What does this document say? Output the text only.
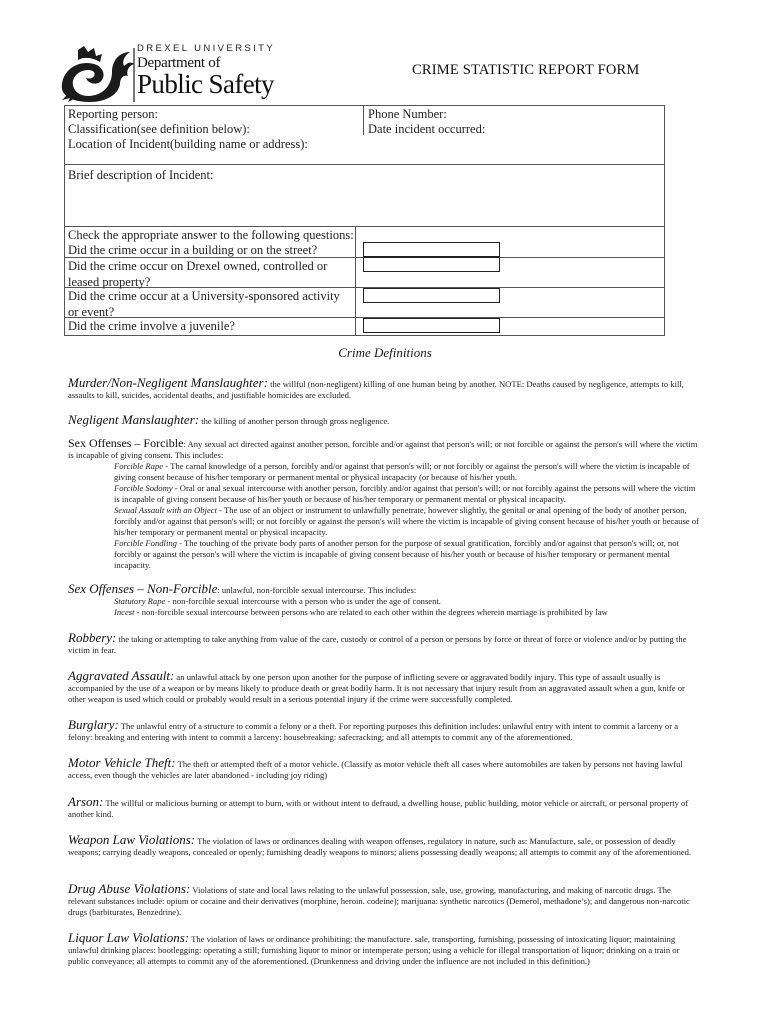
DREXEL UNIVERSITY
Department of
Public Safety	CRIME STATISTIC REPORT FORM
Reporting person:	Phone Number:
Classification(see definition below):	Date incident occurred:
Location of Incident(building name or address):
Brief description of Incident:
Check the appropriate answer to the following questions:
Did the crime occur in a building or on the street?
Did the crime occur on Drexel owned, controlled or leased property?
Did the crime occur at a University-sponsored activity or event?
Did the crime involve a juvenile?
Crime Definitions
Murder/Non-Negligent Manslaughter: the willful (non-negligent) killing of one human being by another. NOTE: Deaths caused by negligence, attempts to kill, assaults to kill, suicides, accidental deaths, and justifiable homicides are excluded.
Negligent Manslaughter: the killing of another person through gross negligence.
Sex Offenses – Forcible: Any sexual act directed against another person, forcible and/or against that person's will; or not forcible or against the person's will where the victim is incapable of giving consent. This includes:
Forcible Rape - The carnal knowledge of a person, forcibly and/or against that person's will; or not forcibly or against the person's will where the victim is incapable of giving consent because of his/her temporary or permanent mental or physical incapacity (or because of his/her youth.
Forcible Sodomy - Oral or anal sexual intercourse with another person, forcibly and/or against that person's will; or not forcibly against the persons will where the victim is incapable of giving consent because of his/her youth or because of his/her temporary or permanent mental or physical incapacity.
Sexual Assault with an Object - The use of an object or instrument to unlawfully penetrate, however slightly, the genital or anal opening of the body of another person, forcibly and/or against that person's will; or not forcibly or against the person's will where the victim is incapable of giving consent because of his/her youth or because of his/her temporary or permanent mental or physical incapacity.
Forcible Fondling - The touching of the private body parts of another person for the purpose of sexual gratification, forcibly and/or against that person's will; or, not forcibly or against the person's will where the victim is incapable of giving consent because of his/her youth or because of his/her temporary or permanent mental incapacity.
Sex Offenses – Non-Forcible: unlawful, non-forcible sexual intercourse. This includes:
Statutory Rape - non-forcible sexual intercourse with a person who is under the age of consent.
Incest - non-forcible sexual intercourse between persons who are related to each other within the degrees wherein marriage is prohibited by law
Robbery: the taking or attempting to take anything from value of the care, custody or control of a person or persons by force or threat of force or violence and/or by putting the victim in fear.
Aggravated Assault: an unlawful attack by one person upon another for the purpose of inflicting severe or aggravated bodily injury. This type of assault usually is accompanied by the use of a weapon or by means likely to produce death or great bodily harm. It is not necessary that injury result from an aggravated assault when a gun, knife or other weapon is used which could or probably would result in a serious potential injury if the crime were successfully completed.
Burglary: The unlawful entry of a structure to commit a felony or a theft. For reporting purposes this definition includes: unlawful entry with intent to commit a larceny or a felony: breaking and entering with intent to commit a larceny: housebreaking: safecracking; and all attempts to commit any of the aforementioned.
Motor Vehicle Theft: The theft or attempted theft of a motor vehicle. (Classify as motor vehicle theft all cases where automobiles are taken by persons not having lawful access, even though the vehicles are later abandoned - including joy riding)
Arson: The willful or malicious burning or attempt to burn, with or without intent to defraud, a dwelling house, public building, motor vehicle or aircraft, or personal property of another kind.
Weapon Law Violations: The violation of laws or ordinances dealing with weapon offenses, regulatory in nature, such as: Manufacture, sale, or possession of deadly weapons; carrying deadly weapons, concealed or openly; furnishing deadly weapons to minors; aliens possessing deadly weapons; all attempts to commit any of the aforementioned.
Drug Abuse Violations: Violations of state and local laws relating to the unlawful possession, sale, use, growing, manufacturing, and making of narcotic drugs. The relevant substances include: opium or cocaine and their derivatives (morphine, heroin. codeine); marijuana: synthetic narcotics (Demerol, methadone’s); and dangerous non-narcotic drugs (barbiturates, Benzedrine).
Liquor Law Violations: The violation of laws or ordinance prohibiting: the manufacture. sale, transporting, furnishing, possessing of intoxicating liquor; maintaining unlawful drinking places: bootlegging: operating a still; furnishing liquor to minor or intemperate person; using a vehicle for illegal transportation of liquor; drinking on a train or public conveyance; all attempts to commit any of the aforementioned. (Drunkenness and driving under the influence are not included in this definition.)
